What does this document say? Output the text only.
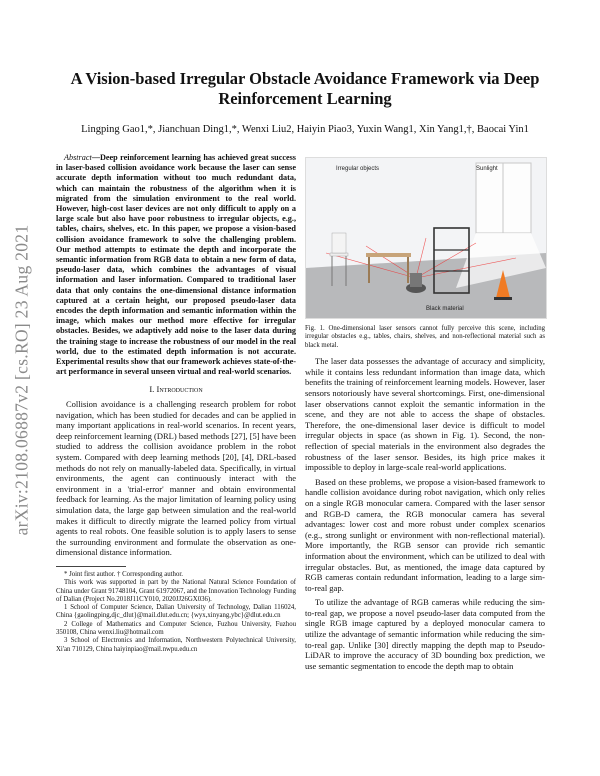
arXiv:2108.06887v2 [cs.RO] 23 Aug 2021
A Vision-based Irregular Obstacle Avoidance Framework via Deep Reinforcement Learning
Lingping Gao1,*, Jianchuan Ding1,*, Wenxi Liu2, Haiyin Piao3, Yuxin Wang1, Xin Yang1,†, Baocai Yin1

Abstract—Deep reinforcement learning has achieved great success in laser-based collision avoidance work because the laser can sense accurate depth information without too much redundant data, which can maintain the robustness of the algorithm when it is migrated from the simulation environment to the real world. However, high-cost laser devices are not only difficult to apply on a large scale but also have poor robustness to irregular objects, e.g., tables, chairs, shelves, etc. In this paper, we propose a vision-based collision avoidance framework to solve the challenging problem. Our method attempts to estimate the depth and incorporate the semantic information from RGB data to obtain a new form of data, pseudo-laser data, which combines the advantages of visual information and laser information. Compared to traditional laser data that only contains the one-dimensional distance information captured at a certain height, our proposed pseudo-laser data encodes the depth information and semantic information within the image, which makes our method more effective for irregular obstacles. Besides, we adaptively add noise to the laser data during the training stage to increase the robustness of our model in the real world, due to the estimated depth information is not accurate. Experimental results show that our framework achieves state-of-the-art performance in several unseen virtual and real-world scenarios.

I. Introduction

Collision avoidance is a challenging research problem for robot navigation, which has been studied for decades and can be applied in many important applications in real-world scenarios. In recent years, deep reinforcement learning (DRL) based methods [27], [5] have been studied to address the collision avoidance problem in the robot system. Compared with deep learning methods [20], [4], DRL-based methods do not rely on manually-labeled data. Specifically, in virtual environments, the agent can continuously interact with the environment in a 'trial-error' manner and obtain environmental feedback for learning. As the major limitation of learning policy using simulation data, the large gap between simulation and the real-world makes it difficult to directly migrate the learned policy from virtual agents to real robots. One feasible solution is to apply lasers to sense the surrounding environment and formulate the observation as one-dimensional distance information.

* Joint first author. † Corresponding author.

This work was supported in part by the National Natural Science Foundation of China under Grant 91748104, Grant 61972067, and the Innovation Technology Funding of Dalian (Project No.2018J11CY010, 2020JJ26GX036).

1 School of Computer Science, Dalian University of Technology, Dalian 116024, China {gaolingping,djc_dlut}@mail.dlut.edu.cn; {wyx,xinyang,ybc}@dlut.edu.cn

2 College of Mathematics and Computer Science, Fuzhou University, Fuzhou 350108, China wenxi.liu@hotmail.com

3 School of Electronics and Information, Northwestern Polytechnical University, Xi'an 710129, China haiyinpiao@mail.nwpu.edu.cn

Irregular objects	Sunlight
Black material

Fig. 1. One-dimensional laser sensors cannot fully perceive this scene, including irregular obstacles e.g., tables, chairs, shelves, and non-reflectional material such as black metal.

The laser data possesses the advantage of accuracy and simplicity, while it contains less redundant information than image data, which benefits the training of reinforcement learning models. However, laser sensors notoriously have several shortcomings. First, one-dimensional laser observations cannot exploit the semantic information in the scene, and they are not able to access the shape of obstacles. Therefore, the one-dimensional laser device is difficult to model irregular objects in space (as shown in Fig. 1). Second, the non-reflection of special materials in the environment also degrades the robustness of the laser sensor. Besides, its high price makes it impossible to deploy in large-scale real-world applications.

Based on these problems, we propose a vision-based framework to handle collision avoidance during robot navigation, which only relies on a single RGB monocular camera. Compared with the laser sensor and RGB-D camera, the RGB monocular camera has several advantages: lower cost and more robust under complex scenarios (e.g., strong sunlight or environment with non-reflectional material). More importantly, the RGB sensor can provide rich semantic information about the environment, which can be utilized to deal with irregular obstacles. But, as mentioned, the image data captured by RGB cameras contain redundant information, leading to a large sim-to-real gap.

To utilize the advantage of RGB cameras while reducing the sim-to-real gap, we propose a novel pseudo-laser data computed from the single RGB image captured by a deployed monocular camera to utilize the advantage of semantic information while reducing the sim-to-real gap. Unlike [30] directly mapping the depth map to Pseudo-LiDAR to improve the accuracy of 3D bounding box prediction, we use semantic segmentation to encode the depth map to obtain
